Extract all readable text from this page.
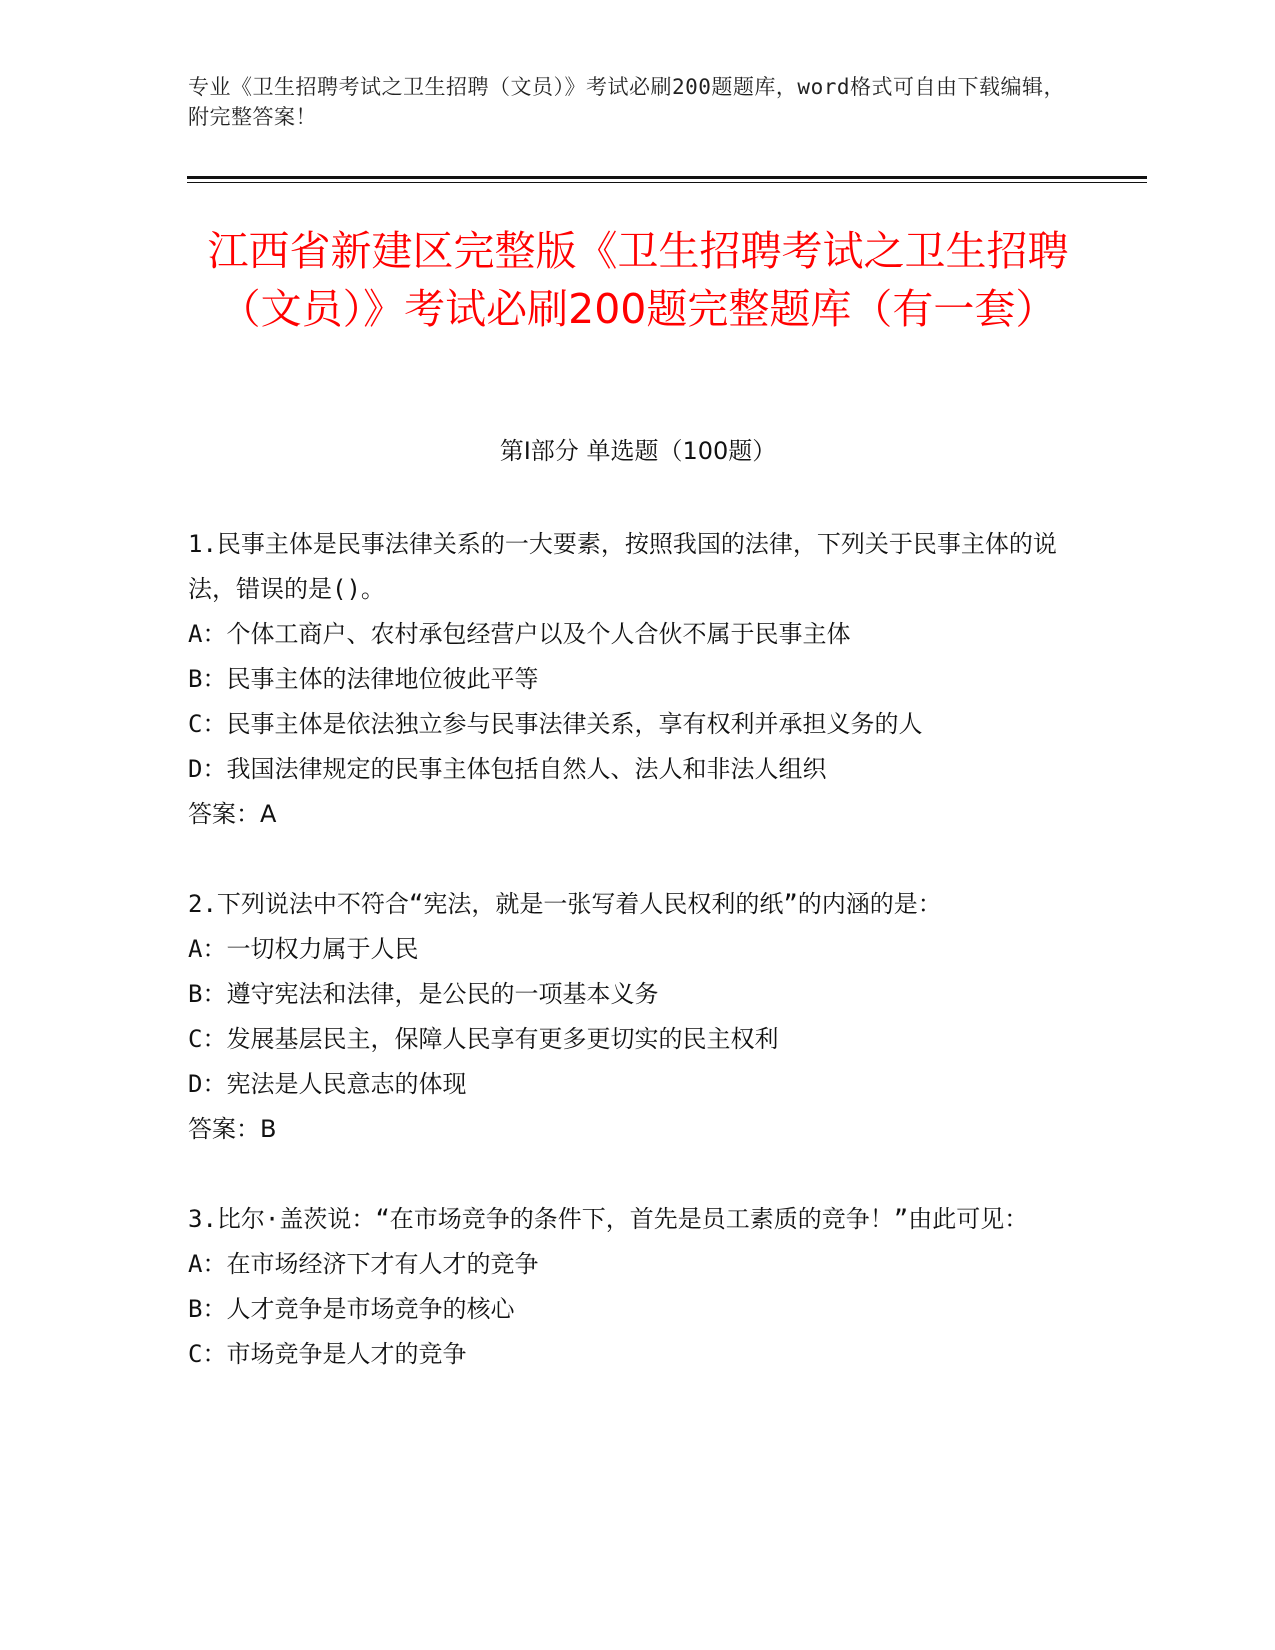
专业《卫生招聘考试之卫生招聘（文员）》考试必刷200题题库，word格式可自由下载编辑，附完整答案！
江西省新建区完整版《卫生招聘考试之卫生招聘（文员）》考试必刷200题完整题库（有一套）
第Ⅰ部分 单选题（100题）

1.民事主体是民事法律关系的一大要素，按照我国的法律，下列关于民事主体的说法，错误的是()。

A：个体工商户、农村承包经营户以及个人合伙不属于民事主体

B：民事主体的法律地位彼此平等

C：民事主体是依法独立参与民事法律关系，享有权利并承担义务的人

D：我国法律规定的民事主体包括自然人、法人和非法人组织

答案：A

2.下列说法中不符合“宪法，就是一张写着人民权利的纸”的内涵的是：

A：一切权力属于人民

B：遵守宪法和法律，是公民的一项基本义务

C：发展基层民主，保障人民享有更多更切实的民主权利

D：宪法是人民意志的体现

答案：B

3.比尔·盖茨说：“在市场竞争的条件下，首先是员工素质的竞争！”由此可见：

A：在市场经济下才有人才的竞争

B：人才竞争是市场竞争的核心

C：市场竞争是人才的竞争
